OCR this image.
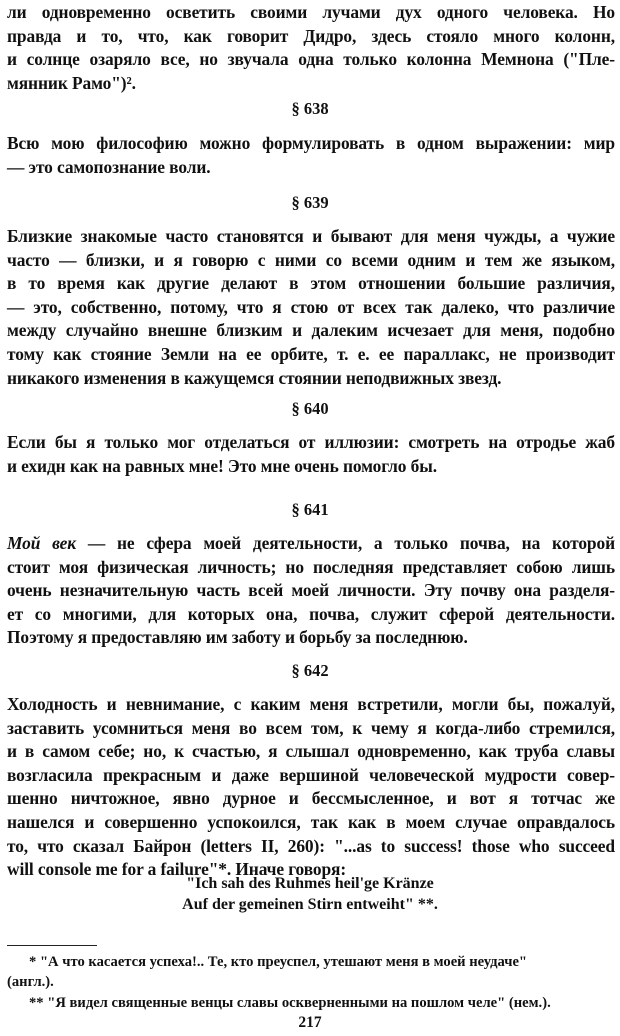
ли одновременно осветить своими лучами дух одного человека. Но
правда и то, что, как говорит Дидро, здесь стояло много колонн,
и солнце озаряло все, но звучала одна только колонна Мемнона ("Пле-
мянник Рамо")².

§ 638

Всю мою философию можно формулировать в одном выражении: мир
— это самопознание воли.

§ 639

Близкие знакомые часто становятся и бывают для меня чужды, а чужие
часто — близки, и я говорю с ними со всеми одним и тем же языком,
в то время как другие делают в этом отношении большие различия,
— это, собственно, потому, что я стою от всех так далеко, что различие
между случайно внешне близким и далеким исчезает для меня, подобно
тому как стояние Земли на ее орбите, т. е. ее параллакс, не производит
никакого изменения в кажущемся стоянии неподвижных звезд.

§ 640

Если бы я только мог отделаться от иллюзии: смотреть на отродье жаб
и ехидн как на равных мне! Это мне очень помогло бы.

§ 641

Мой век — не сфера моей деятельности, а только почва, на которой
стоит моя физическая личность; но последняя представляет собою лишь
очень незначительную часть всей моей личности. Эту почву она разделя-
ет со многими, для которых она, почва, служит сферой деятельности.
Поэтому я предоставляю им заботу и борьбу за последнюю.

§ 642

Холодность и невнимание, с каким меня встретили, могли бы, пожалуй,
заставить усомниться меня во всем том, к чему я когда-либо стремился,
и в самом себе; но, к счастью, я слышал одновременно, как труба славы
возгласила прекрасным и даже вершиной человеческой мудрости совер-
шенно ничтожное, явно дурное и бессмысленное, и вот я тотчас же
нашелся и совершенно успокоился, так как в моем случае оправдалось
то, что сказал Байрон (letters II, 260): "...as to success! those who succeed
will console me for a failure"*. Иначе говоря:

"Ich sah des Ruhmes heil'ge Kränze
Auf der gemeinen Stirn entweiht" **.

* "А что касается успеха!.. Те, кто преуспел, утешают меня в моей неудаче"
(англ.).

** "Я видел священные венцы славы оскверненными на пошлом челе" (нем.).

217
